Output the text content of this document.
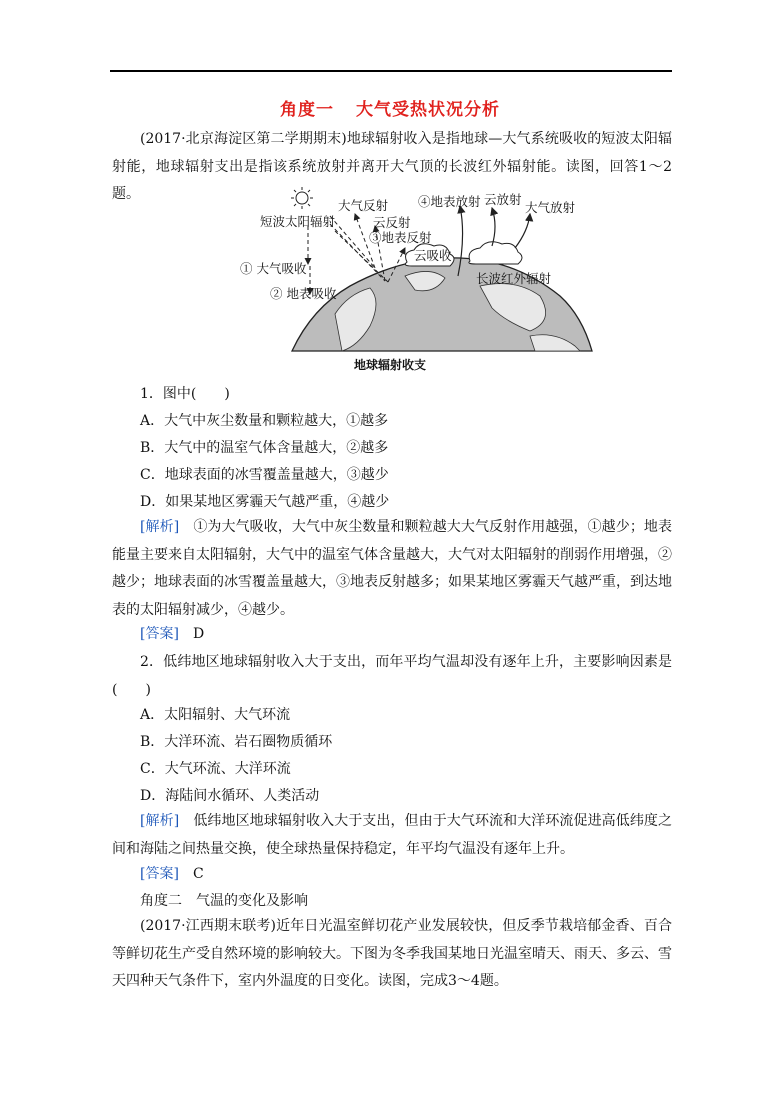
角度一 大气受热状况分析

(2017·北京海淀区第二学期期末)地球辐射收入是指地球—大气系统吸收的短波太阳辐射能，地球辐射支出是指该系统放射并离开大气顶的长波红外辐射能。读图，回答1～2题。

短波太阳辐射
大气反射
云反射
③地表反射
云吸收
① 大气吸收
② 地表吸收
④地表放射 云放射
大气放射
长波红外辐射
地球辐射收支
1．图中(　　)
A．大气中灰尘数量和颗粒越大，①越多
B．大气中的温室气体含量越大，②越多
C．地球表面的冰雪覆盖量越大，③越少
D．如果某地区雾霾天气越严重，④越少

[解析]　 ①为大气吸收，大气中灰尘数量和颗粒越大大气反射作用越强，①越少；地表能量主要来自太阳辐射，大气中的温室气体含量越大，大气对太阳辐射的削弱作用增强，②越少；地球表面的冰雪覆盖量越大，③地表反射越多；如果某地区雾霾天气越严重，到达地表的太阳辐射减少，④越少。

[答案]　 D

2．低纬地区地球辐射收入大于支出，而年平均气温却没有逐年上升，主要影响因素是(　　)

A．太阳辐射、大气环流
B．大洋环流、岩石圈物质循环
C．大气环流、大洋环流
D．海陆间水循环、人类活动

[解析]　 低纬地区地球辐射收入大于支出，但由于大气环流和大洋环流促进高低纬度之间和海陆之间热量交换，使全球热量保持稳定，年平均气温没有逐年上升。

[答案]　 C
角度二　气温的变化及影响

(2017·江西期末联考)近年日光温室鲜切花产业发展较快，但反季节栽培郁金香、百合等鲜切花生产受自然环境的影响较大。下图为冬季我国某地日光温室晴天、雨天、多云、雪天四种天气条件下，室内外温度的日变化。读图，完成3～4题。
